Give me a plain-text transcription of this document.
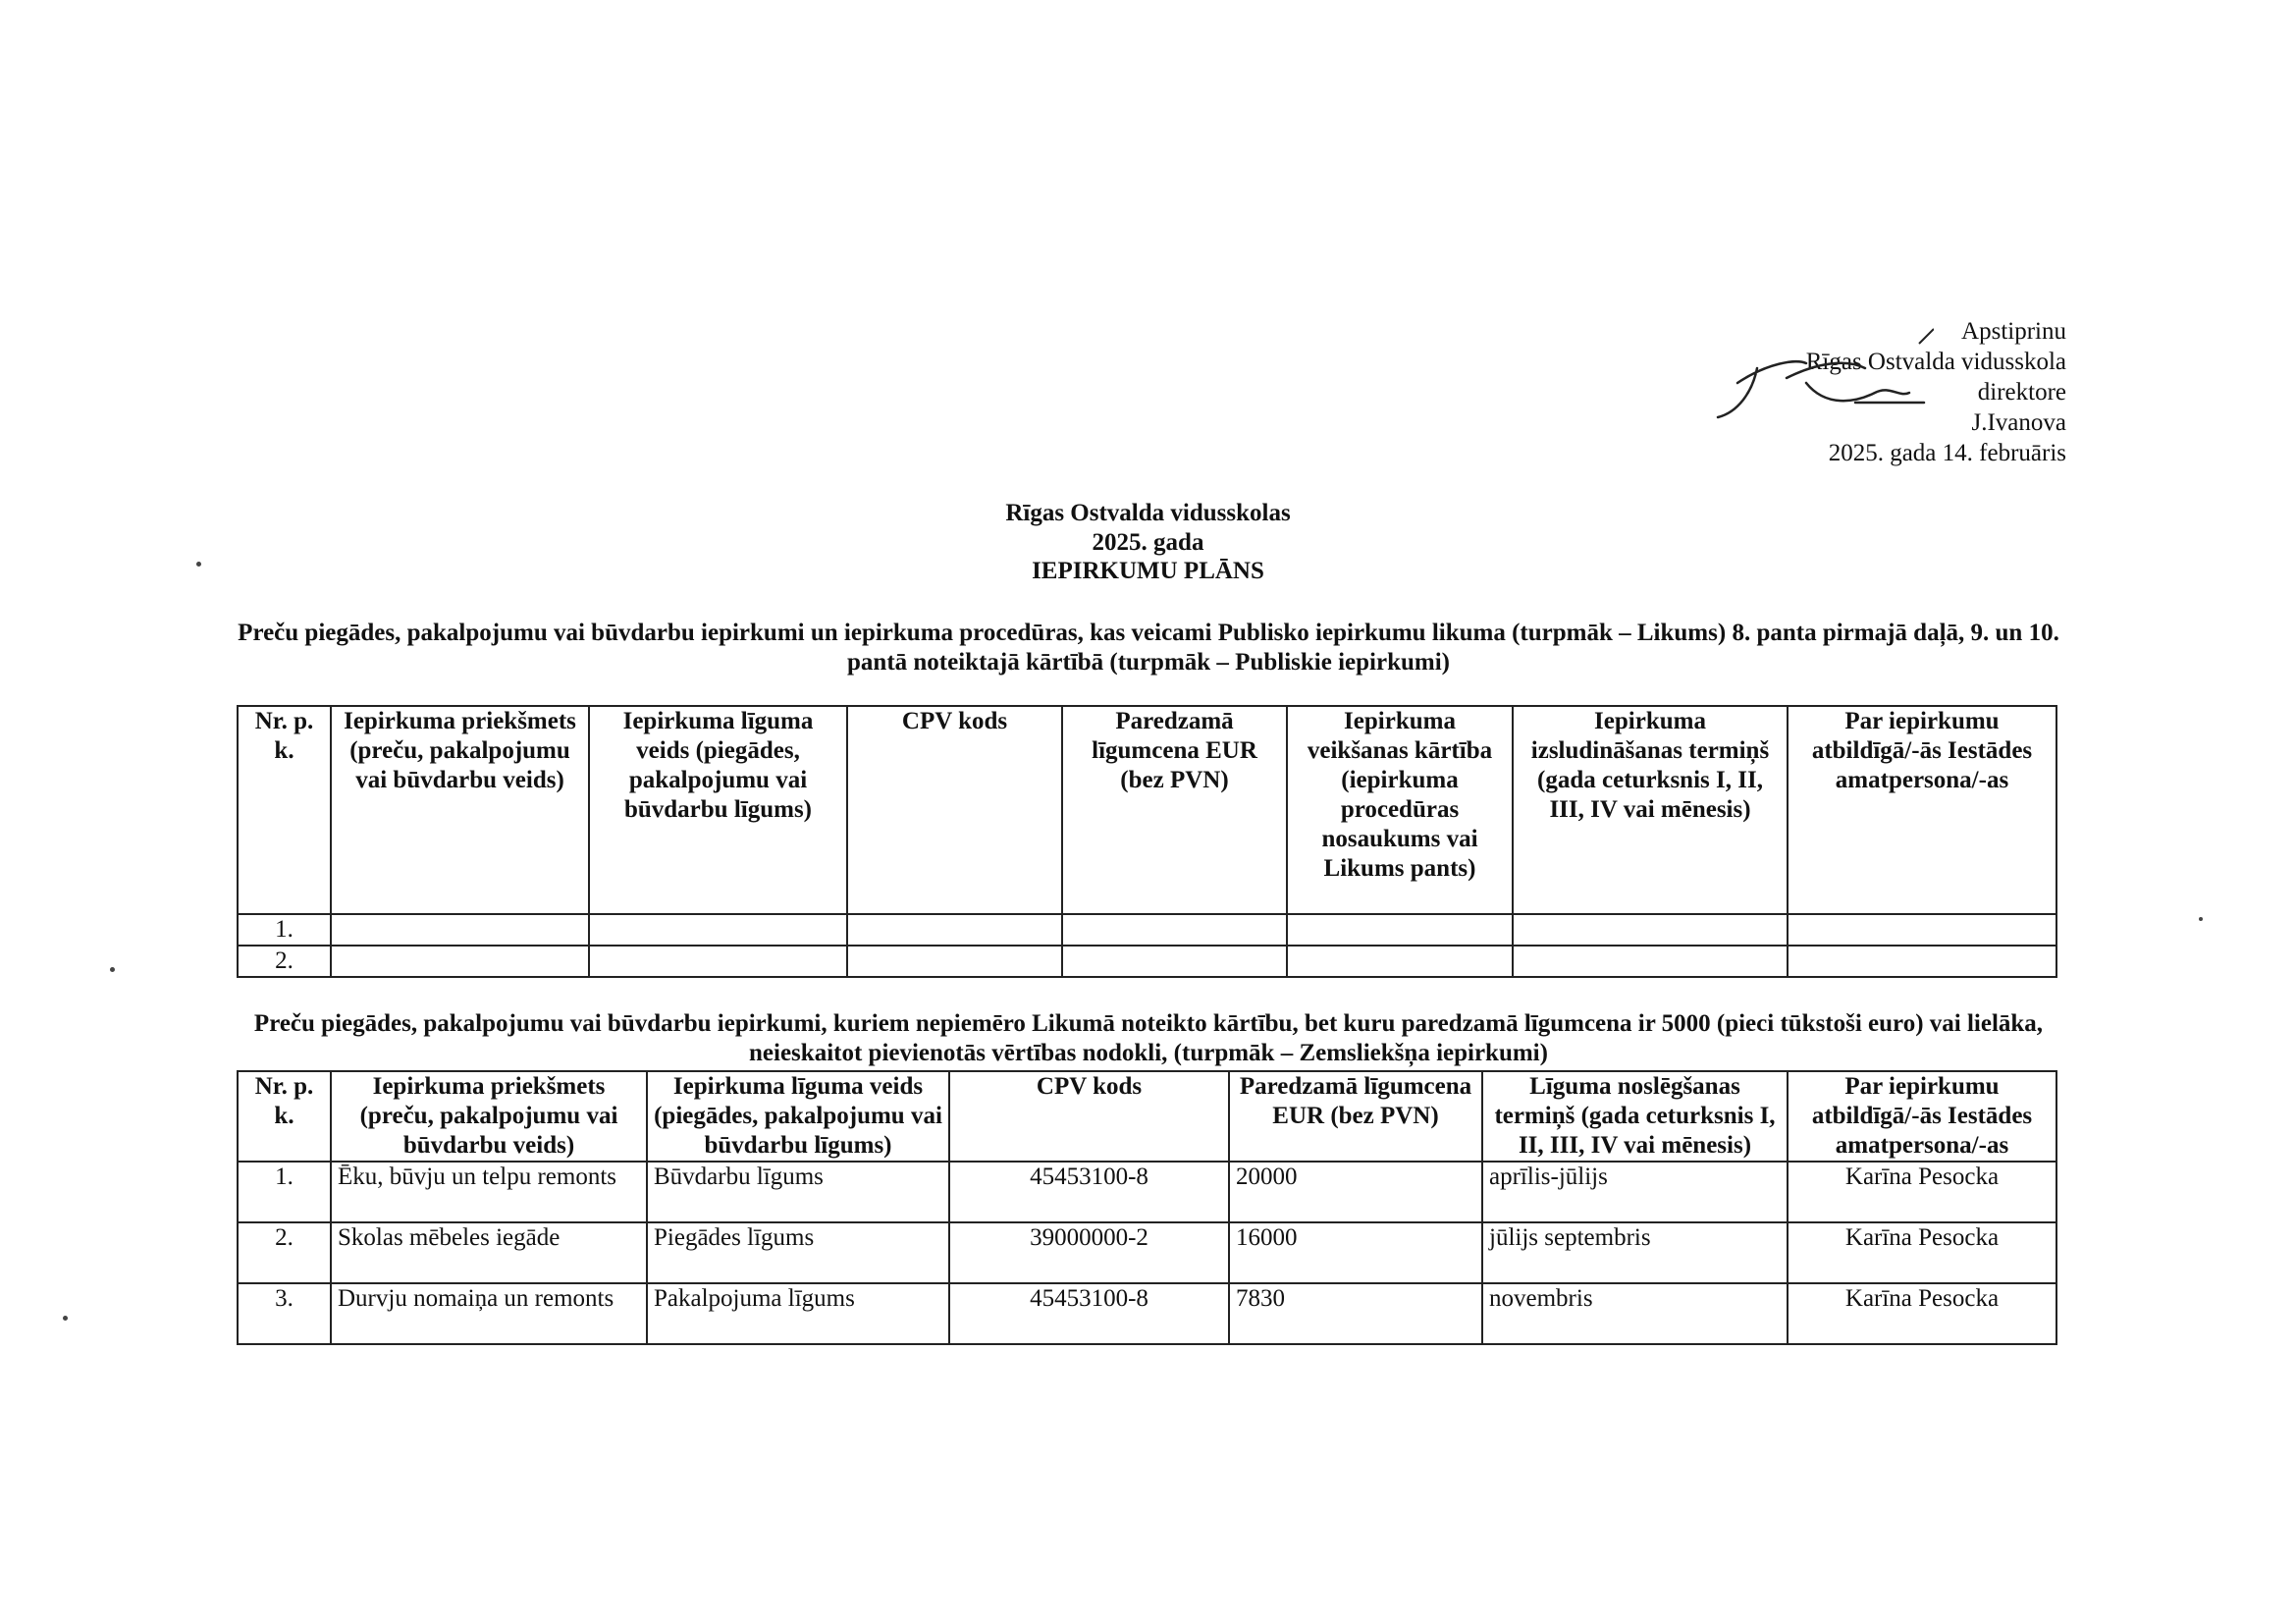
Apstiprinu
Rīgas Ostvalda vidusskola
direktore
J.Ivanova
2025. gada 14. februāris
Rīgas Ostvalda vidusskolas
2025. gada
IEPIRKUMU PLĀNS
Preču piegādes, pakalpojumu vai būvdarbu iepirkumi un iepirkuma procedūras, kas veicami Publisko iepirkumu likuma (turpmāk – Likums) 8. panta pirmajā daļā, 9. un 10. pantā noteiktajā kārtībā (turpmāk – Publiskie iepirkumi)
Nr. p. k.	Iepirkuma priekšmets (preču, pakalpojumu vai būvdarbu veids)	Iepirkuma līguma veids (piegādes, pakalpojumu vai būvdarbu līgums)	CPV kods	Paredzamā līgumcena EUR (bez PVN)	Iepirkuma veikšanas kārtība (iepirkuma procedūras nosaukums vai Likums pants)	Iepirkuma izsludināšanas termiņš (gada ceturksnis I, II, III, IV vai mēnesis)	Par iepirkumu atbildīgā/-ās Iestādes amatpersona/-as
1.							
2.							
Preču piegādes, pakalpojumu vai būvdarbu iepirkumi, kuriem nepiemēro Likumā noteikto kārtību, bet kuru paredzamā līgumcena ir 5000 (pieci tūkstoši euro) vai lielāka, neieskaitot pievienotās vērtības nodokli, (turpmāk – Zemsliekšņa iepirkumi)
Nr. p. k.	Iepirkuma priekšmets (preču, pakalpojumu vai būvdarbu veids)	Iepirkuma līguma veids (piegādes, pakalpojumu vai būvdarbu līgums)	CPV kods	Paredzamā līgumcena EUR (bez PVN)	Līguma noslēgšanas termiņš (gada ceturksnis I, II, III, IV vai mēnesis)	Par iepirkumu atbildīgā/-ās Iestādes amatpersona/-as
1.	Ēku, būvju un telpu remonts	Būvdarbu līgums	45453100-8	20000	aprīlis-jūlijs	Karīna Pesocka
2.	Skolas mēbeles iegāde	Piegādes līgums	39000000-2	16000	jūlijs septembris	Karīna Pesocka
3.	Durvju nomaiņa un remonts	Pakalpojuma līgums	45453100-8	7830	novembris	Karīna Pesocka
